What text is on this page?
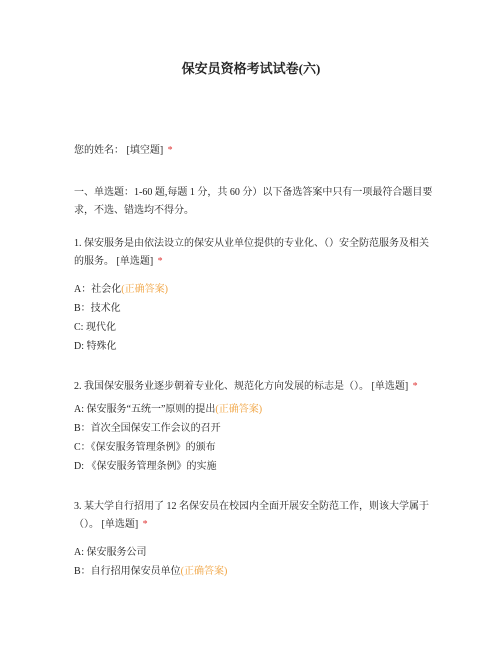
保安员资格考试试卷(六)
您的姓名： [填空题] *
一、单选题：1-60 题,每题 1 分，共 60 分）以下备选答案中只有一项最符合题目要
求，不选、错选均不得分。
1. 保安服务是由依法设立的保安从业单位提供的专业化、（）安全防范服务及相关
的服务。 [单选题] *
A：社会化(正确答案)
B：技术化
C: 现代化
D: 特殊化
2. 我国保安服务业逐步朝着专业化、规范化方向发展的标志是（）。 [单选题] *
A: 保安服务“五统一”原则的提出(正确答案)
B：首次全国保安工作会议的召开
C：《保安服务管理条例》的颁布
D: 《保安服务管理条例》的实施
3. 某大学自行招用了 12 名保安员在校园内全面开展安全防范工作，则该大学属于
（）。 [单选题] *
A: 保安服务公司
B：自行招用保安员单位(正确答案)
